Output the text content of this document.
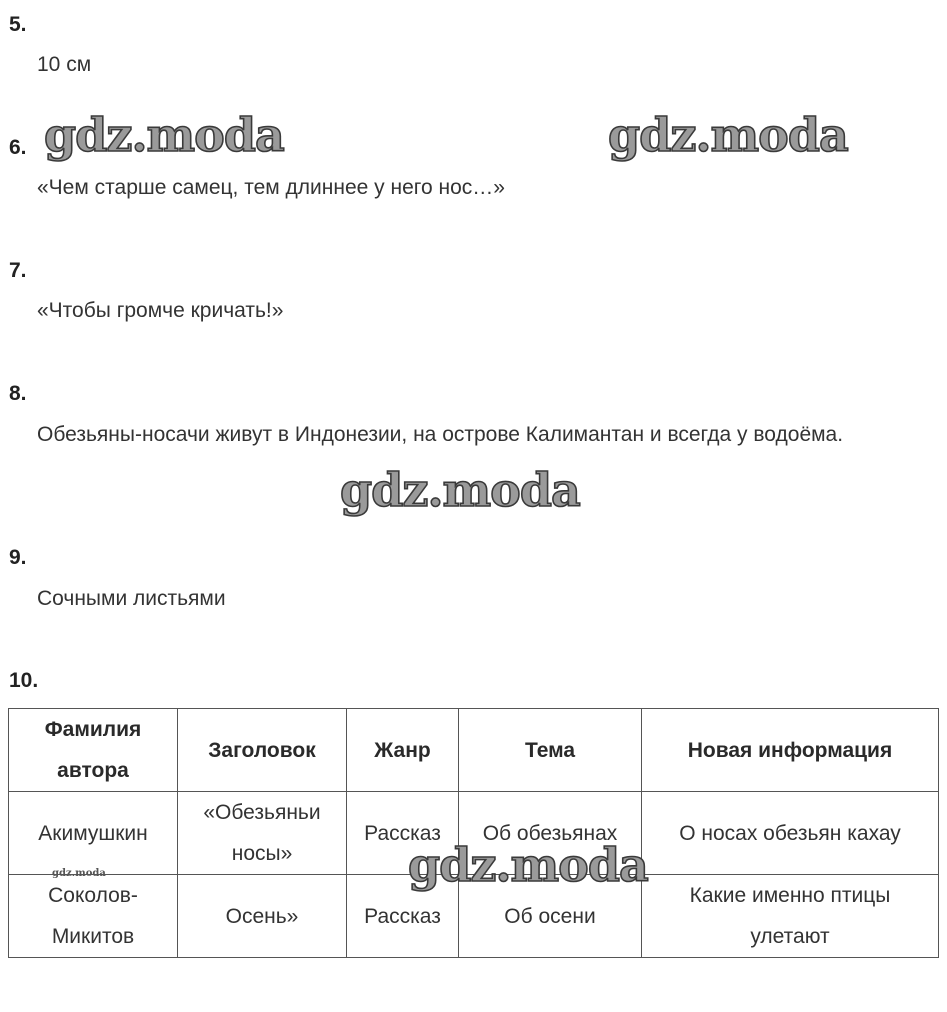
5.
10 см
6.
«Чем старше самец, тем длиннее у него нос…»
7.
«Чтобы громче кричать!»
8.
Обезьяны-носачи живут в Индонезии, на острове Калимантан и всегда у водоёма.
9.
Сочными листьями
10.
Фамилия автора	Заголовок	Жанр	Тема	Новая информация
Акимушкин	«Обезьяньи носы»	Рассказ	Об обезьянах	О носах обезьян кахау
Соколов-Микитов	Осень»	Рассказ	Об осени	Какие именно птицы улетают
gdz.moda	gdz.moda
gdz.moda
gdz.moda
gdz.moda
